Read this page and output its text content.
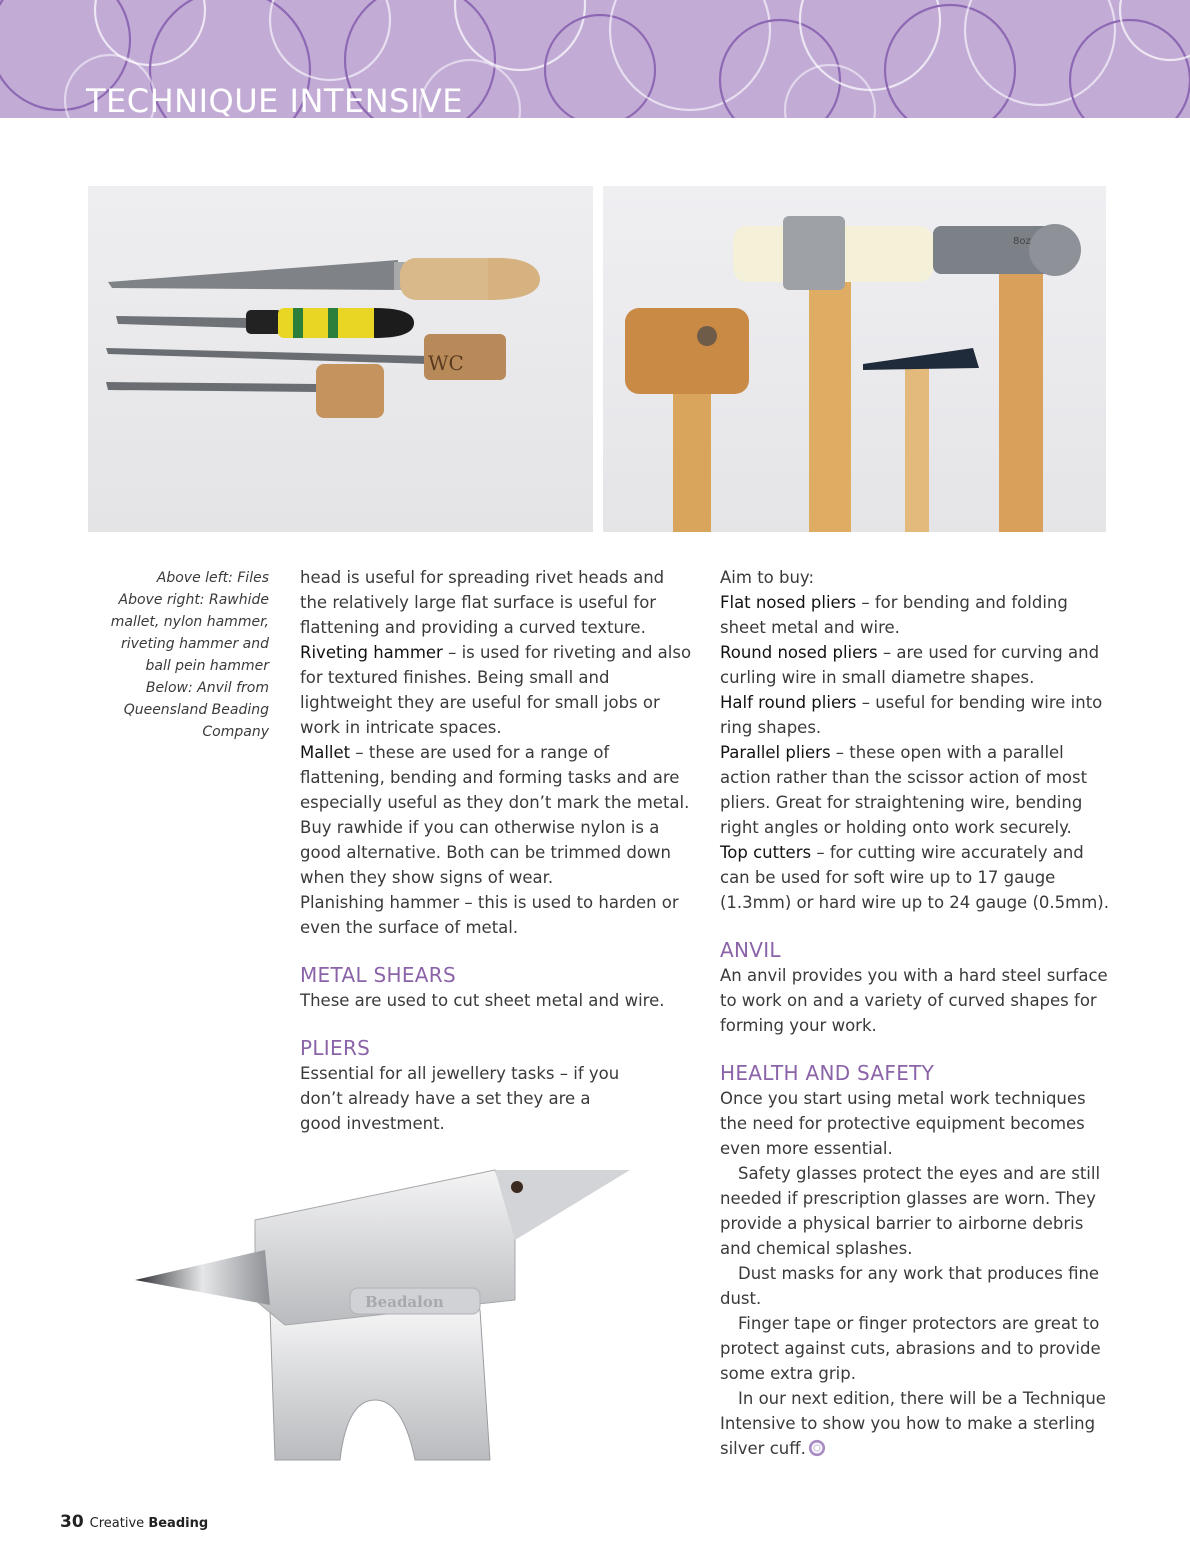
TECHNIQUE INTENSIVE
WC
8oz
Above left: Files
Above right: Rawhide
mallet, nylon hammer,
riveting hammer and
ball pein hammer
Below: Anvil from
Queensland Beading
Company

head is useful for spreading rivet heads and the relatively large flat surface is useful for flattening and providing a curved texture.

Riveting hammer – is used for riveting and also for textured finishes. Being small and lightweight they are useful for small jobs or work in intricate spaces.

Mallet – these are used for a range of flattening, bending and forming tasks and are especially useful as they don’t mark the metal. Buy rawhide if you can otherwise nylon is a good alternative. Both can be trimmed down when they show signs of wear.

Planishing hammer – this is used to harden or even the surface of metal.

METAL SHEARS

These are used to cut sheet metal and wire.

PLIERS

Essential for all jewellery tasks – if you don’t already have a set they are a good investment.

Aim to buy:

Flat nosed pliers – for bending and folding sheet metal and wire.

Round nosed pliers – are used for curving and curling wire in small diametre shapes.

Half round pliers – useful for bending wire into ring shapes.

Parallel pliers – these open with a parallel action rather than the scissor action of most pliers. Great for straightening wire, bending right angles or holding onto work securely.

Top cutters – for cutting wire accurately and can be used for soft wire up to 17 gauge (1.3mm) or hard wire up to 24 gauge (0.5mm).

ANVIL

An anvil provides you with a hard steel surface to work on and a variety of curved shapes for forming your work.

HEALTH AND SAFETY

Once you start using metal work techniques the need for protective equipment becomes even more essential.

Safety glasses protect the eyes and are still needed if prescription glasses are worn. They provide a physical barrier to airborne debris and chemical splashes.

Dust masks for any work that produces fine dust.

Finger tape or finger protectors are great to protect against cuts, abrasions and to provide some extra grip.

In our next edition, there will be a Technique Intensive to show you how to make a sterling silver cuff.

Beadalon
30 Creative Beading
